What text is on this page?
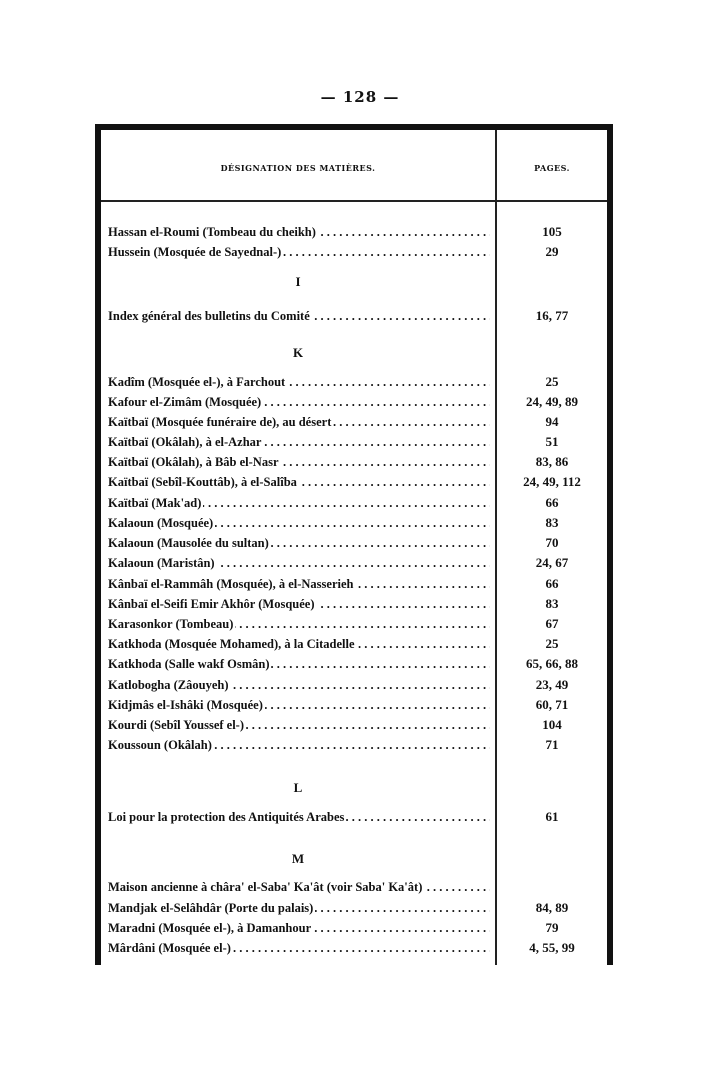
— 128 —
DÉSIGNATION DES MATIÈRES.	PAGES.
I
K
L
M
Hassan el-Roumi (Tombeau du cheikh) . . .	105
Hussein (Mosquée de Sayednal-) . . .	29
Index général des bulletins du Comité . . .	16, 77
Kadîm (Mosquée el-), à Farchout . . .	25
Kafour el-Zimâm (Mosquée) . . .	24, 49, 89
Kaïtbaï (Mosquée funéraire de), au désert . . .	94
Kaïtbaï (Okâlah), à el-Azhar . . .	51
Kaïtbaï (Okâlah), à Bâb el-Nasr . . .	83, 86
Kaïtbaï (Sebîl-Kouttâb), à el-Salîba . . .	24, 49, 112
Kaïtbaï (Mak'ad) . . .	66
Kalaoun (Mosquée) . . .	83
Kalaoun (Mausolée du sultan) . . .	70
Kalaoun (Maristân) . . .	24, 67
Kânbaï el-Rammâh (Mosquée), à el-Nasserieh . . .	66
Kânbaï el-Seifi Emir Akhôr (Mosquée) . . .	83
Karasonkor (Tombeau) . . .	67
Katkhoda (Mosquée Mohamed), à la Citadelle . . .	25
Katkhoda (Salle wakf Osmân) . . .	65, 66, 88
Katlobogha (Zâouyeh) . . .	23, 49
Kidjmâs el-Ishâki (Mosquée) . . .	60, 71
Kourdi (Sebîl Youssef el-) . . .	104
Koussoun (Okâlah) . . .	71
Loi pour la protection des Antiquités Arabes . . .	61
Maison ancienne à châra' el-Saba' Ka'ât (voir Saba' Ka'ât) . . .
Mandjak el-Selâhdâr (Porte du palais) . . .	84, 89
Maradni (Mosquée el-), à Damanhour . . .	79
Mârdâni (Mosquée el-) . . .	4, 55, 99
